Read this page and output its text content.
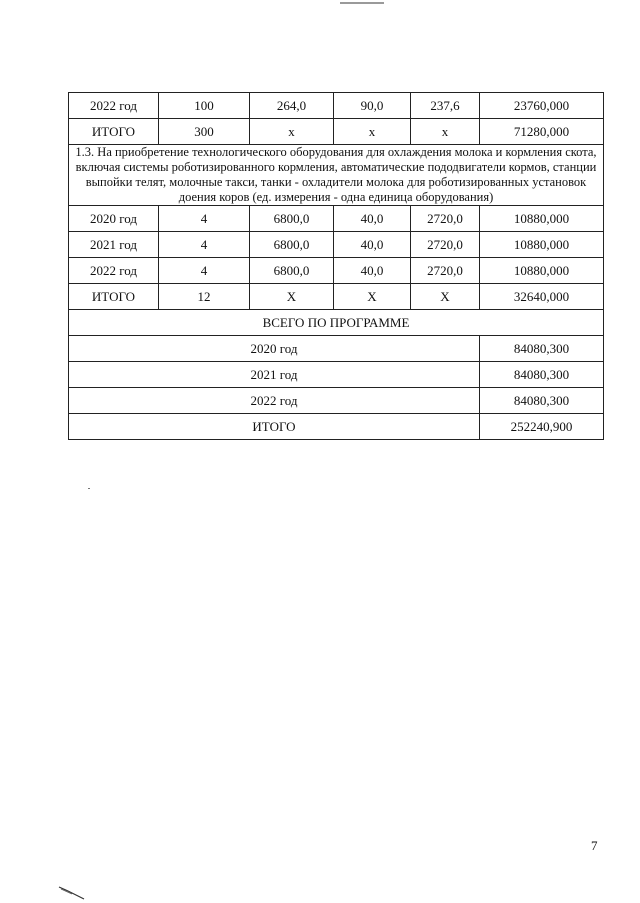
2022 год	100	264,0	90,0	237,6	23760,000
ИТОГО	300	x	x	x	71280,000
1.3. На приобретение технологического оборудования для охлаждения молока и кормления скота, включая системы роботизированного кормления, автоматические пододвигатели кормов, станции выпойки телят, молочные такси, танки - охладители молока для роботизированных установок доения коров (ед. измерения - одна единица оборудования)					
2020 год	4	6800,0	40,0	2720,0	10880,000
2021 год	4	6800,0	40,0	2720,0	10880,000
2022 год	4	6800,0	40,0	2720,0	10880,000
ИТОГО	12	Х	Х	Х	32640,000
ВСЕГО ПО ПРОГРАММЕ					
2020 год					84080,300
2021 год					84080,300
2022 год					84080,300
ИТОГО					252240,900
7
